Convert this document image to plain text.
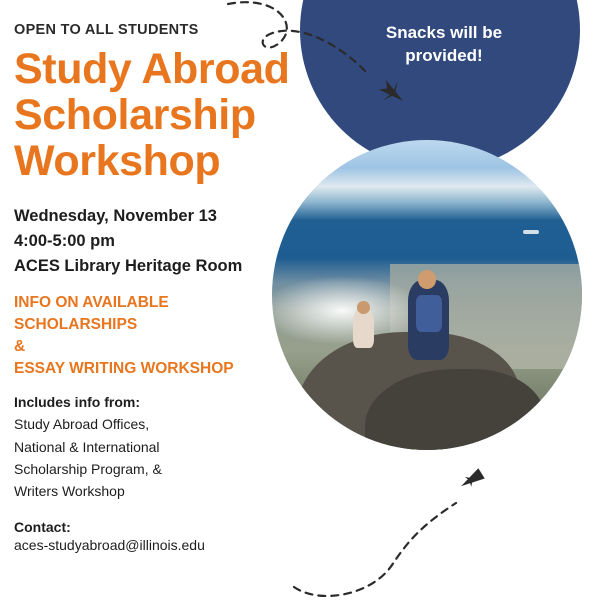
Snacks will be
provided!

OPEN TO ALL STUDENTS

Study Abroad
Scholarship
Workshop
Wednesday, November 13
4:00-5:00 pm
ACES Library Heritage Room
INFO ON AVAILABLE
SCHOLARSHIPS
&
ESSAY WRITING WORKSHOP

Includes info from:

Study Abroad Offices,
National & International
Scholarship Program, &
Writers Workshop

Contact:

aces-studyabroad@illinois.edu
